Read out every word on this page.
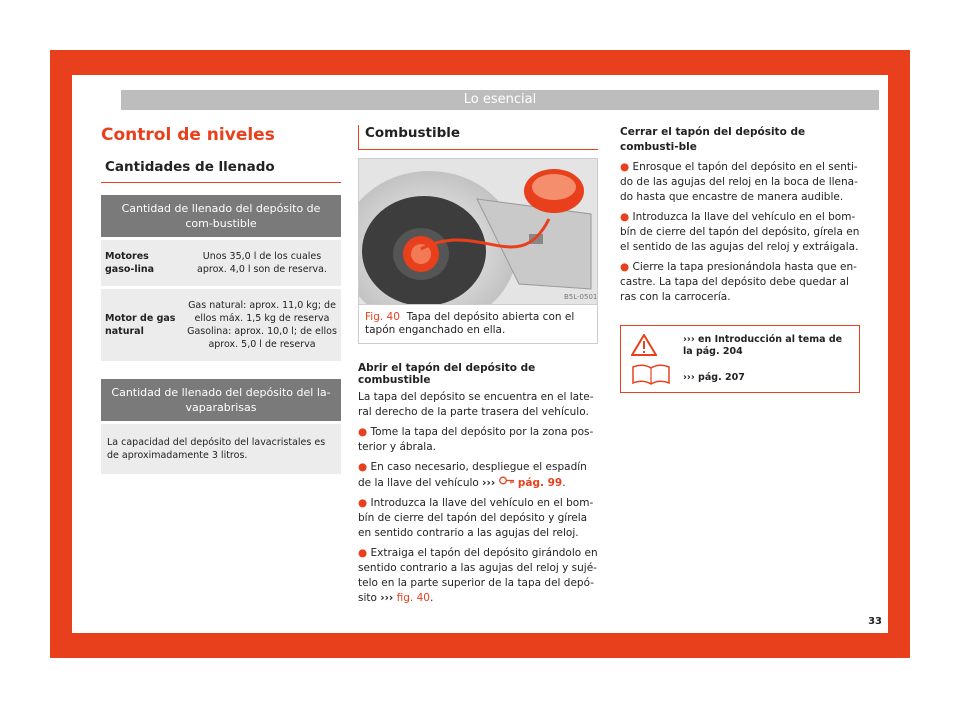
Lo esencial
Control de niveles
Cantidades de llenado
Cantidad de llenado del depósito de com-bustible
Motores gaso-lina
Unos 35,0 l de los cuales aprox. 4,0 l son de reserva.
Motor de gas natural
Gas natural: aprox. 11,0 kg; de ellos máx. 1,5 kg de reserva Gasolina: aprox. 10,0 l; de ellos aprox. 5,0 l de reserva
Cantidad de llenado del depósito del la-vaparabrisas
La capacidad del depósito del lavacristales es de aproximadamente 3 litros.
Combustible
B5L-0501
Fig. 40 Tapa del depósito abierta con el tapón enganchado en ella.
Abrir el tapón del depósito de combustible

La tapa del depósito se encuentra en el late-ral derecho de la parte trasera del vehículo.

● Tome la tapa del depósito por la zona pos-terior y ábrala.

● En caso necesario, despliegue el espadín de la llave del vehículo ››› pág. 99.

● Introduzca la llave del vehículo en el bom-bín de cierre del tapón del depósito y gírela en sentido contrario a las agujas del reloj.

● Extraiga el tapón del depósito girándolo en sentido contrario a las agujas del reloj y sujé-telo en la parte superior de la tapa del depó-sito ››› fig. 40.

Cerrar el tapón del depósito de combusti-ble

● Enrosque el tapón del depósito en el senti-do de las agujas del reloj en la boca de llena-do hasta que encastre de manera audible.

● Introduzca la llave del vehículo en el bom-bín de cierre del tapón del depósito, gírela en el sentido de las agujas del reloj y extráigala.

● Cierre la tapa presionándola hasta que en-castre. La tapa del depósito debe quedar al ras con la carrocería.

››› en Introducción al tema de la pág. 204
››› pág. 207
33
